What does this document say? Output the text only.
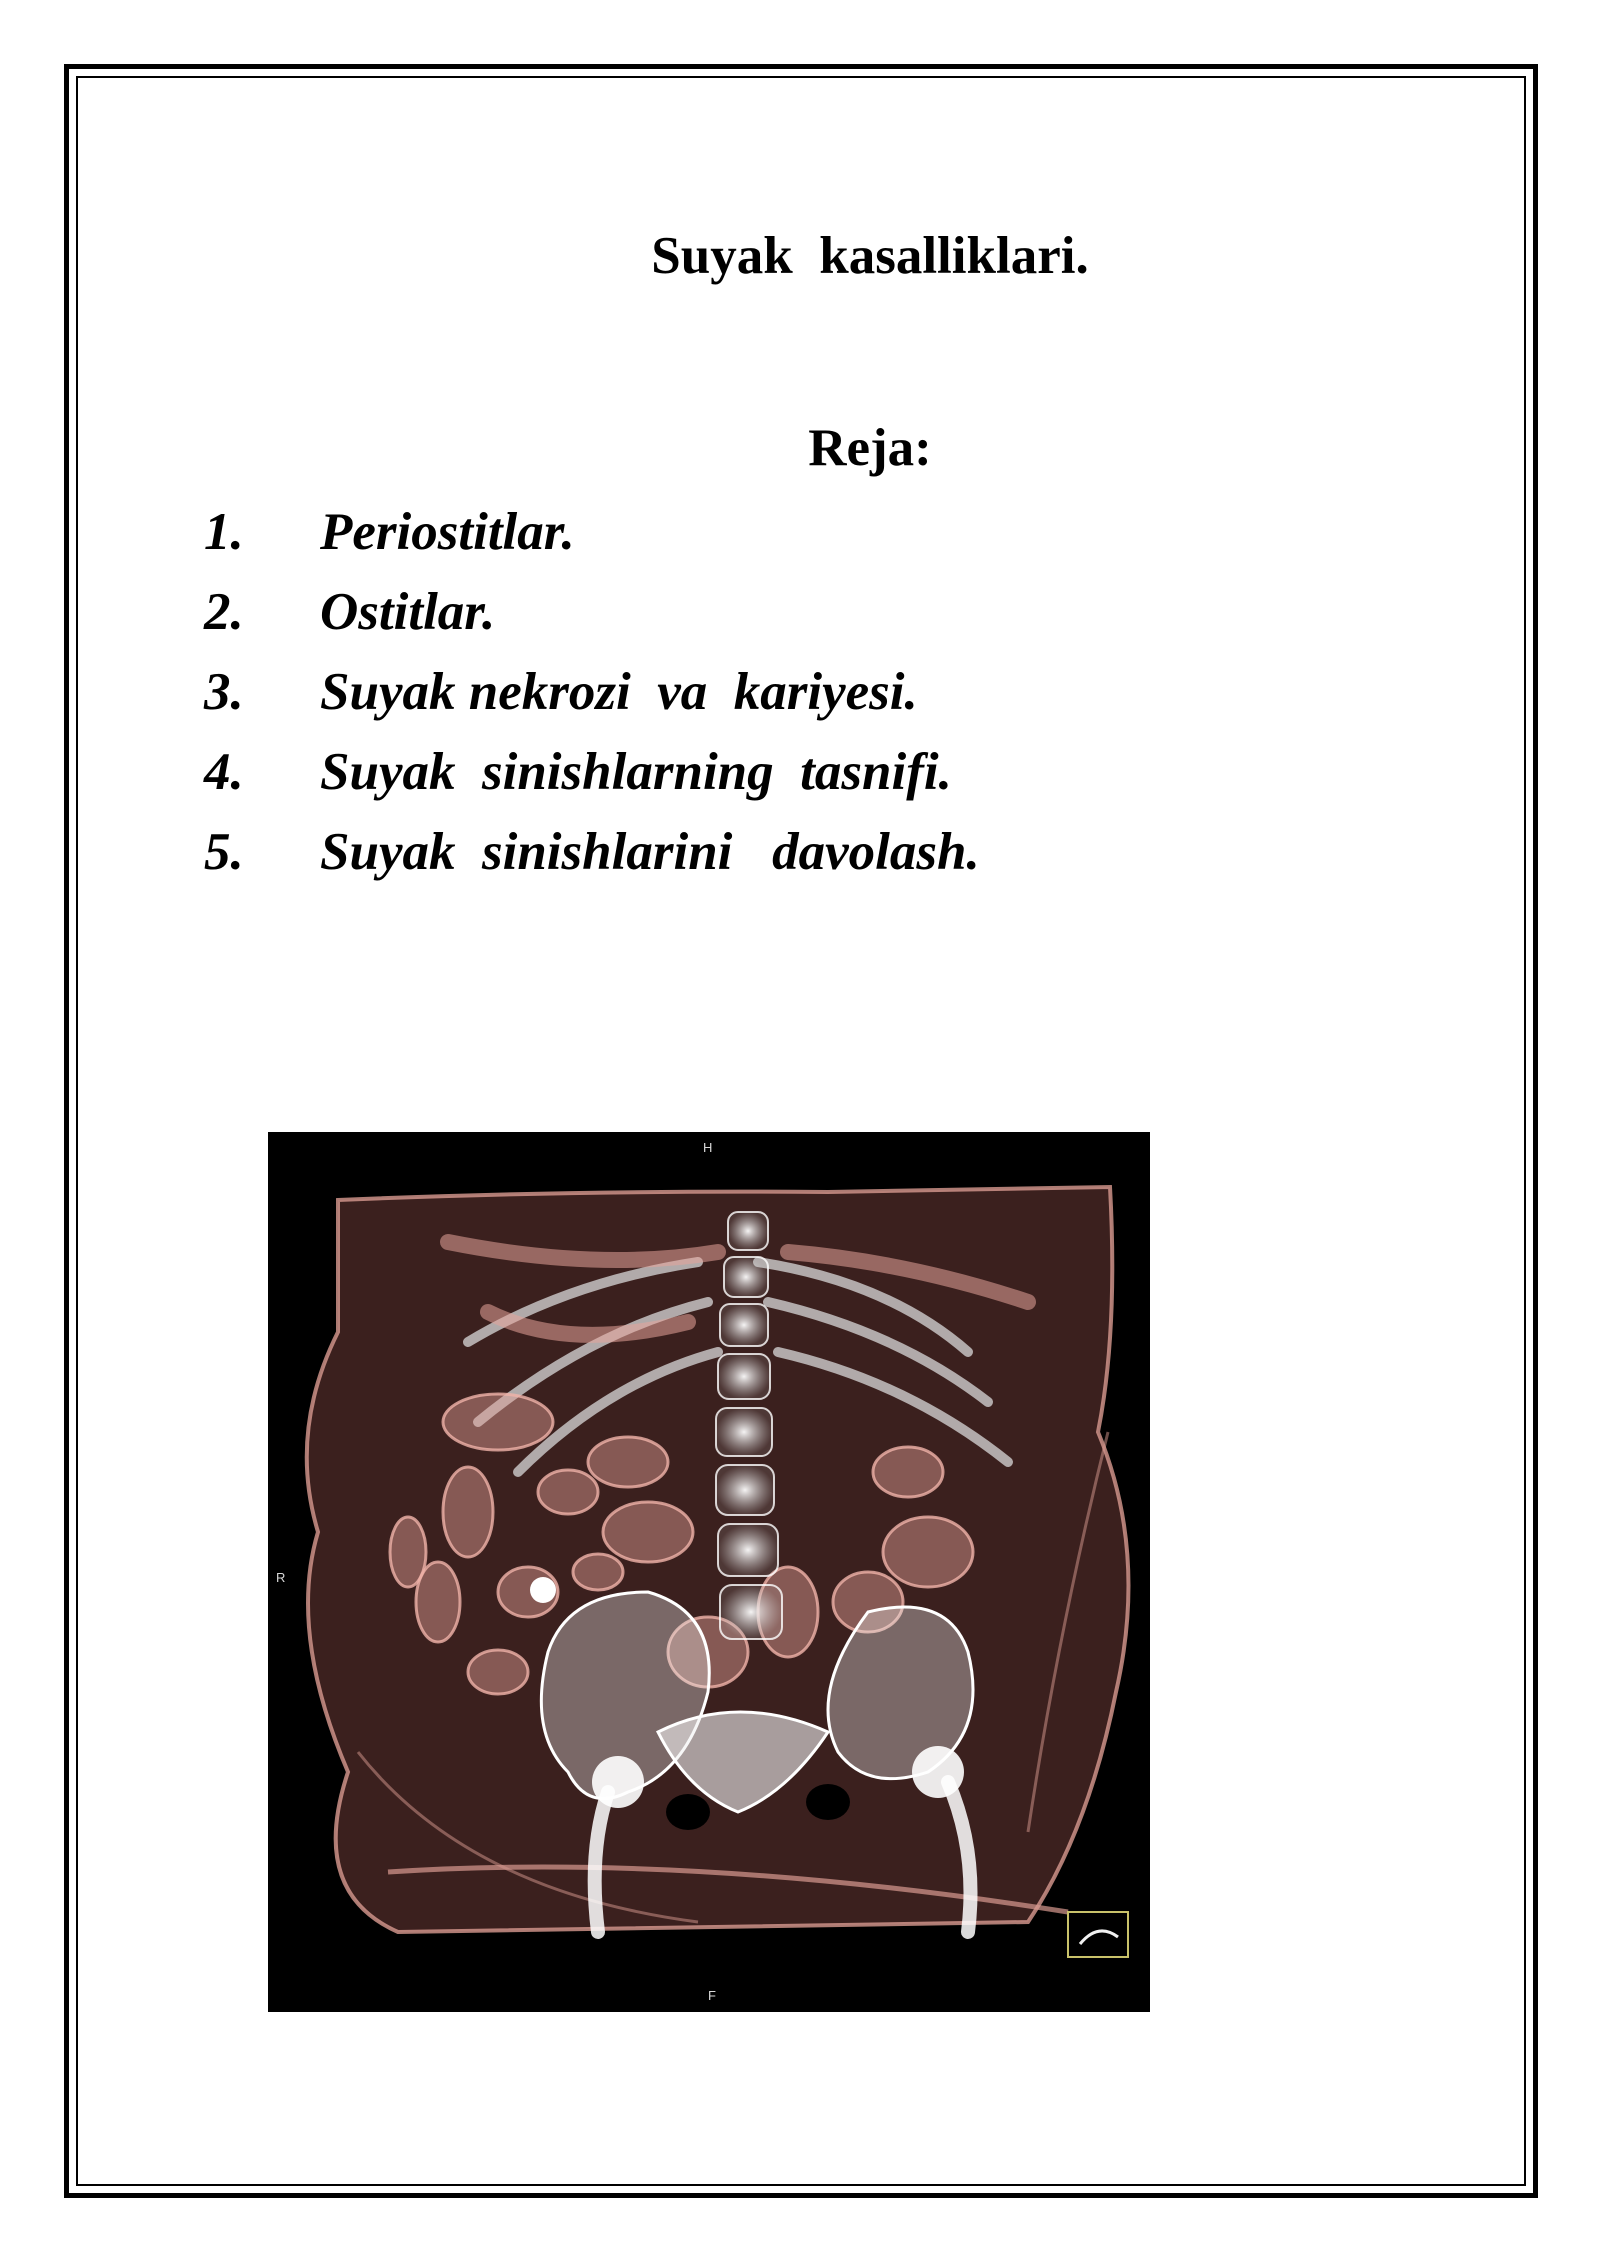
Suyak  kasalliklari.
Reja:
1. Periostitlar.
2. Ostitlar.
3. Suyak nekrozi  va  kariyesi.
4. Suyak  sinishlarning  tasnifi.
5. Suyak  sinishlarini   davolash.
H
R
F
